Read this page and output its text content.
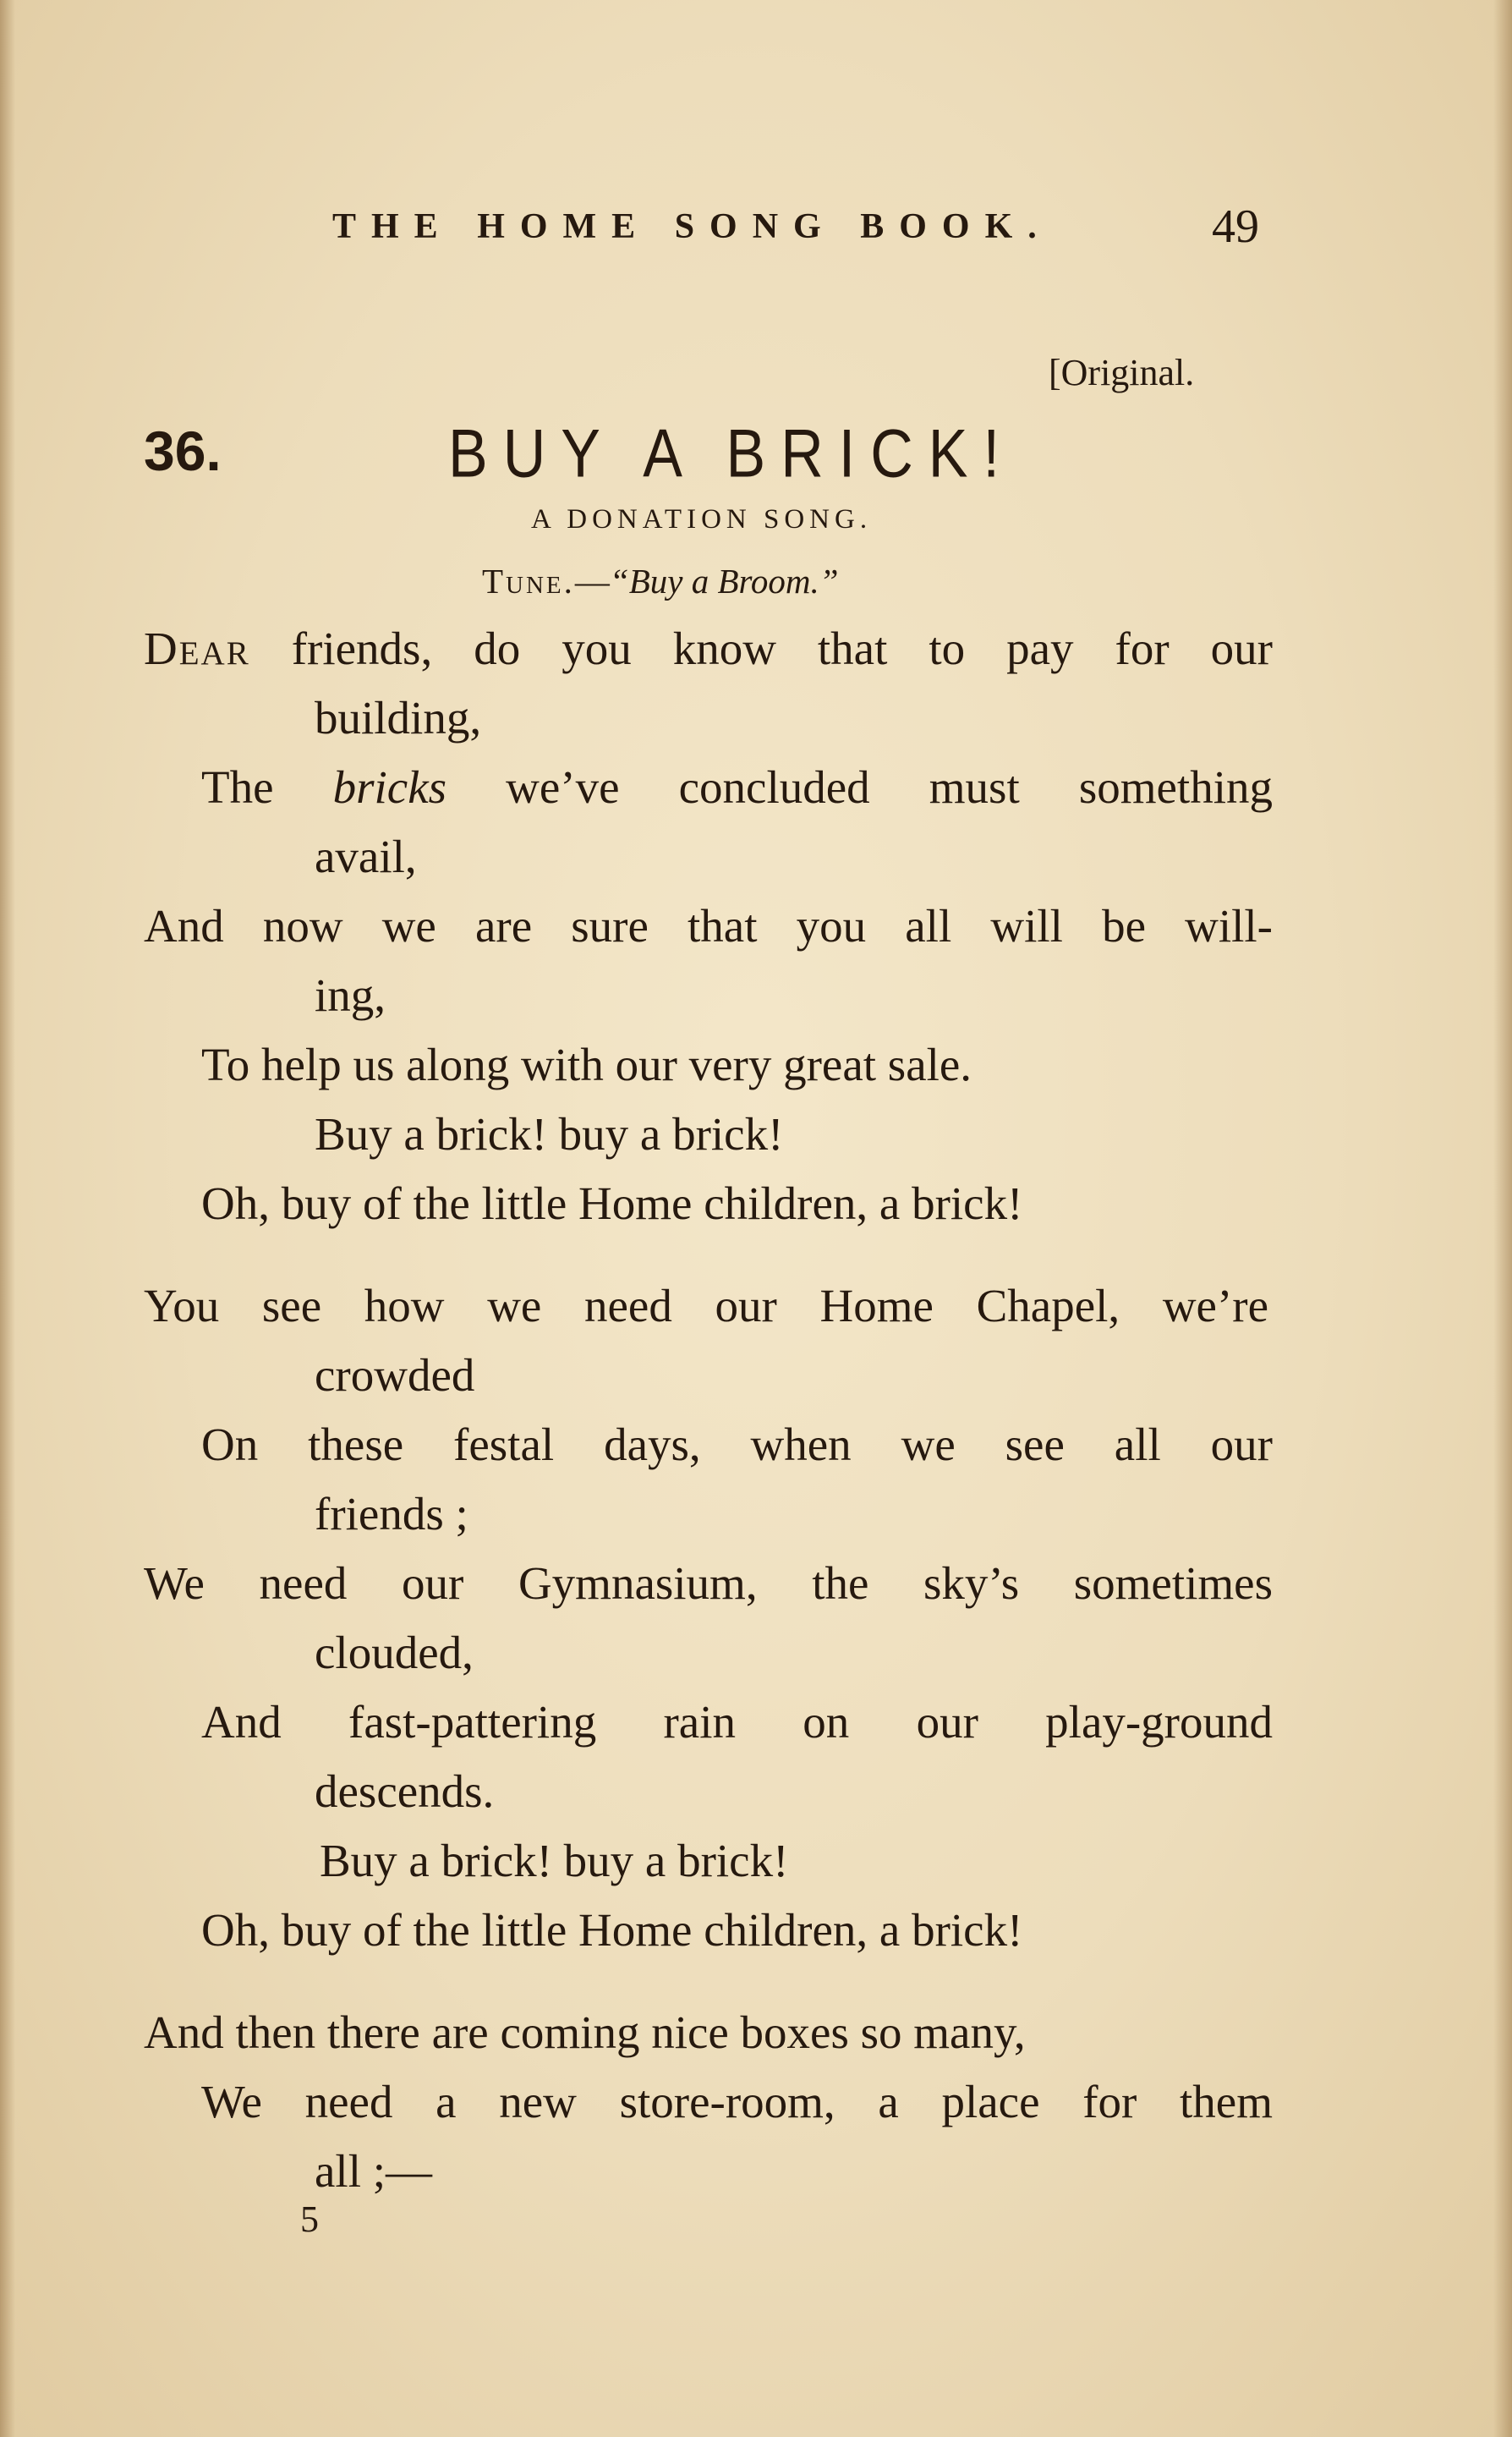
THE HOME SONG BOOK.	49
[Original.
36.	BUY A BRICK!
A DONATION SONG.
Tune.—“Buy a Broom.”
Dear friends, do you know that to pay for our
building,
The bricks we’ve concluded must something
avail,
And now we are sure that you all will be will-
ing,
To help us along with our very great sale.
Buy a brick! buy a brick!
Oh, buy of the little Home children, a brick!
You see how we need our Home Chapel, we’re
crowded
On these festal days, when we see all our
friends ;
We need our Gymnasium, the sky’s sometimes
clouded,
And fast-pattering rain on our play-ground
descends.
Buy a brick! buy a brick!
Oh, buy of the little Home children, a brick!
And then there are coming nice boxes so many,
We need a new store-room, a place for them
all ;—
5
